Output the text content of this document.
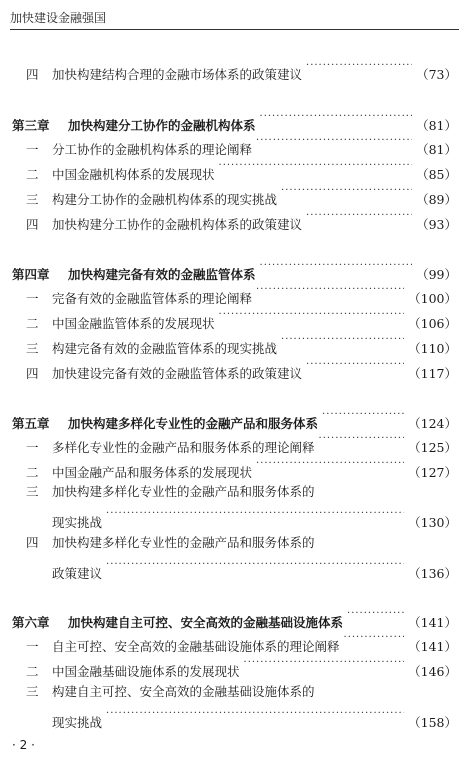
加快建设金融强国
四	加快构建结构合理的金融市场体系的政策建议 ·····	（73）
第三章	加快构建分工协作的金融机构体系 ·····	（81）
一	分工协作的金融机构体系的理论阐释 ·····	（81）
二	中国金融机构体系的发展现状 ·····	（85）
三	构建分工协作的金融机构体系的现实挑战 ·····	（89）
四	加快构建分工协作的金融机构体系的政策建议 ·····	（93）
第四章	加快构建完备有效的金融监管体系 ·····	（99）
一	完备有效的金融监管体系的理论阐释 ·····	（100）
二	中国金融监管体系的发展现状 ·····	（106）
三	构建完备有效的金融监管体系的现实挑战 ·····	（110）
四	加快建设完备有效的金融监管体系的政策建议 ·····	（117）
第五章	加快构建多样化专业性的金融产品和服务体系 ·····	（124）
一	多样化专业性的金融产品和服务体系的理论阐释 ·····	（125）
二	中国金融产品和服务体系的发展现状 ·····	（127）
三	加快构建多样化专业性的金融产品和服务体系的
现实挑战 ·····	（130）
四	加快构建多样化专业性的金融产品和服务体系的
政策建议 ·····	（136）
第六章	加快构建自主可控、安全高效的金融基础设施体系 ·····	（141）
一	自主可控、安全高效的金融基础设施体系的理论阐释 ·····	（141）
二	中国金融基础设施体系的发展现状 ·····	（146）
三	构建自主可控、安全高效的金融基础设施体系的
现实挑战 ·····	（158）
· 2 ·
